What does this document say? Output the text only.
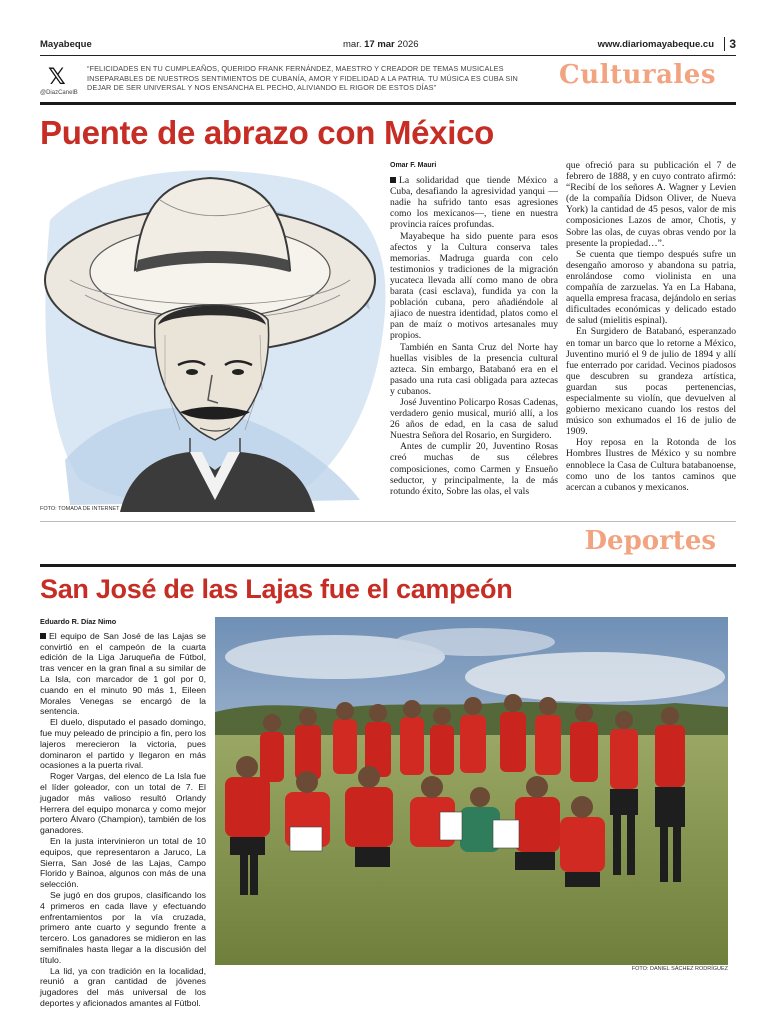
Mayabeque	mar. 17 mar 2026	www.diariomayabeque.cu	3
𝕏
@DiazCanelB
“FELICIDADES EN TU CUMPLEAÑOS, QUERIDO FRANK FERNÁNDEZ, MAESTRO Y CREADOR DE TEMAS MUSICALES INSEPARABLES DE NUESTROS SENTIMIENTOS DE CUBANÍA, AMOR Y FIDELIDAD A LA PATRIA. TU MÚSICA ES CUBA SIN DEJAR DE SER UNIVERSAL Y NOS ENSANCHA EL PECHO, ALIVIANDO EL RIGOR DE ESTOS DÍAS”	Culturales
Puente de abrazo con México
FOTO: TOMADA DE INTERNET
Omar F. Mauri

La solidaridad que tiende México a Cuba, desafiando la agresividad yanqui —nadie ha sufrido tanto esas agresiones como los mexicanos—, tiene en nuestra provincia raíces profundas.

Mayabeque ha sido puente para esos afectos y la Cultura conserva tales memorias. Madruga guarda con celo testimonios y tradiciones de la migración yucateca llevada allí como mano de obra barata (casi esclava), fundida ya con la población cubana, pero añadiéndole al ajiaco de nuestra identidad, platos como el pan de maíz o motivos artesanales muy propios.

También en Santa Cruz del Norte hay huellas visibles de la presencia cultural azteca. Sin embargo, Batabanó era en el pasado una ruta casi obligada para aztecas y cubanos.

José Juventino Policarpo Rosas Cadenas, verdadero genio musical, murió allí, a los 26 años de edad, en la casa de salud Nuestra Señora del Rosario, en Surgidero.

Antes de cumplir 20, Juventino Rosas creó muchas de sus célebres composiciones, como Carmen y Ensueño seductor, y principalmente, la de más rotundo éxito, Sobre las olas, el vals

que ofreció para su publicación el 7 de febrero de 1888, y en cuyo contrato afirmó: “Recibí de los señores A. Wagner y Levien (de la compañía Didson Oliver, de Nueva York) la cantidad de 45 pesos, valor de mis composiciones Lazos de amor, Chotis, y Sobre las olas, de cuyas obras vendo por la presente la propiedad…”.

Se cuenta que tiempo después sufre un desengaño amoroso y abandona su patria, enrolándose como violinista en una compañía de zarzuelas. Ya en La Habana, aquella empresa fracasa, dejándolo en serias dificultades económicas y delicado estado de salud (mielitis espinal).

En Surgidero de Batabanó, esperanzado en tomar un barco que lo retorne a México, Juventino murió el 9 de julio de 1894 y allí fue enterrado por caridad. Vecinos piadosos que descubren su grandeza artística, guardan sus pocas pertenencias, especialmente su violín, que devuelven al gobierno mexicano cuando los restos del músico son exhumados el 16 de julio de 1909.

Hoy reposa en la Rotonda de los Hombres Ilustres de México y su nombre ennoblece la Casa de Cultura batabanoense, como uno de los tantos caminos que acercan a cubanos y mexicanos.

Deportes
San José de las Lajas fue el campeón
Eduardo R. Díaz Nimo

El equipo de San José de las Lajas se convirtió en el campeón de la cuarta edición de la Liga Jaruqueña de Fútbol, tras vencer en la gran final a su similar de La Isla, con marcador de 1 gol por 0, cuando en el minuto 90 más 1, Eileen Morales Venegas se encargó de la sentencia.

El duelo, disputado el pasado domingo, fue muy peleado de principio a fin, pero los lajeros merecieron la victoria, pues dominaron el partido y llegaron en más ocasiones a la puerta rival.

Roger Vargas, del elenco de La Isla fue el líder goleador, con un total de 7. El jugador más valioso resultó Orlandy Herrera del equipo monarca y como mejor portero Álvaro (Champion), también de los ganadores.

En la justa intervinieron un total de 10 equipos, que representaron a Jaruco, La Sierra, San José de las Lajas, Campo Florido y Bainoa, algunos con más de una selección.

Se jugó en dos grupos, clasificando los 4 primeros en cada llave y efectuando enfrentamientos por la vía cruzada, primero ante cuarto y segundo frente a tercero. Los ganadores se midieron en las semifinales hasta llegar a la discusión del título.

La lid, ya con tradición en la localidad, reunió a gran cantidad de jóvenes jugadores del más universal de los deportes y aficionados amantes al Fútbol.

FOTO: DANIEL SÁCHEZ RODRÍGUEZ
